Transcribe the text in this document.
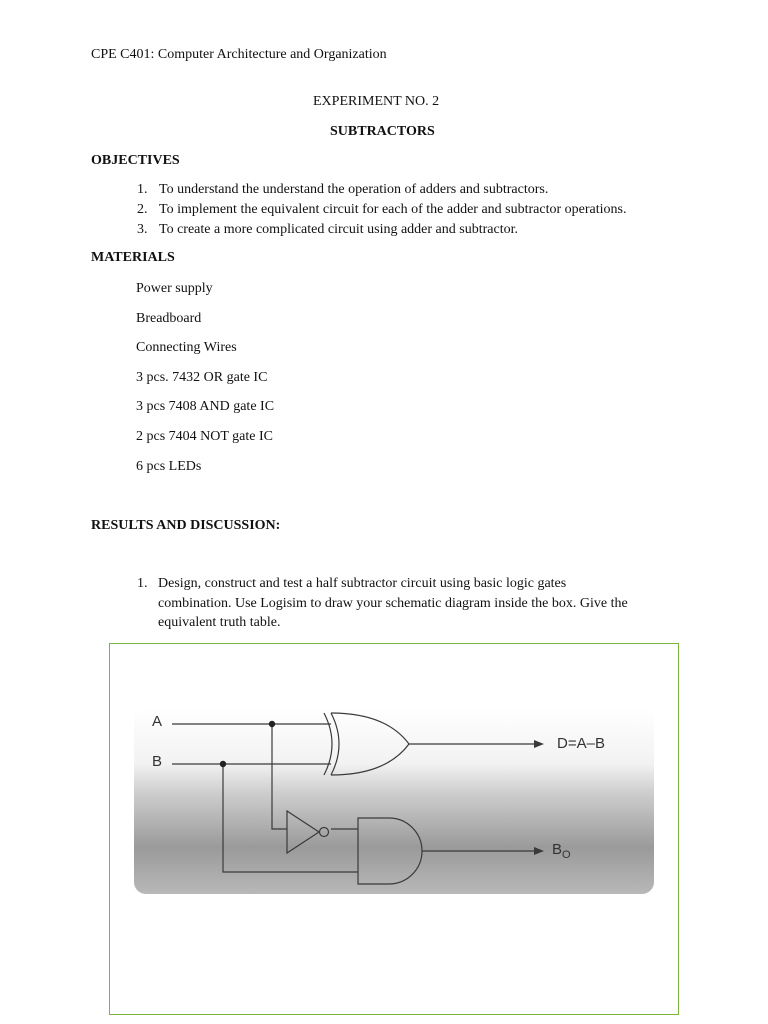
CPE C401: Computer Architecture and Organization
EXPERIMENT NO. 2
SUBTRACTORS
OBJECTIVES
1. To understand the understand the operation of adders and subtractors.
2. To implement the equivalent circuit for each of the adder and subtractor operations.
3. To create a more complicated circuit using adder and subtractor.
MATERIALS
Power supply
Breadboard
Connecting Wires
3 pcs. 7432 OR gate IC
3 pcs 7408 AND gate IC
2 pcs 7404 NOT gate IC
6 pcs LEDs
RESULTS AND DISCUSSION:
1. Design, construct and test a half subtractor circuit using basic logic gates
combination. Use Logisim to draw your schematic diagram inside the box. Give the
equivalent truth table.
A
B
D=A–B
$B_O$
